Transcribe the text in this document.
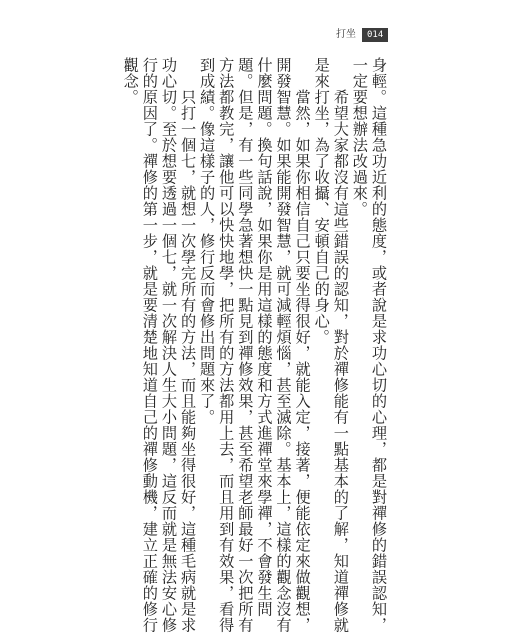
打坐	014
身輕。這種急功近利的態度，或者說是求功心切的心理，都是對禪修的錯誤認知，
一定要想辦法改過來。
　　希望大家都沒有這些錯誤的認知，對於禪修能有一點基本的了解，知道禪修就
是來打坐，為了收攝、安頓自己的身心。
　　當然，如果你相信自己只要坐得很好，就能入定，接著，便能依定來做觀想，
開發智慧。如果能開發智慧，就可減輕煩惱，甚至滅除。基本上，這樣的觀念沒有
什麼問題。換句話說，如果你是用這樣的態度和方式進禪堂來學禪，不會發生問
題。但是，有一些同學急著想快一點見到禪修效果，甚至希望老師最好一次把所有
方法都教完，讓他可以快快地學，把所有的方法都用上去，而且用到有效果，看得
到成績。像這樣子的人，修行反而會修出問題來了。
　　只打一個七，就想一次學完所有的方法，而且能夠坐得很好，這種毛病就是求
功心切。至於想要透過一個七，就一次解決人生大小問題，這反而就是無法安心修
行的原因了。禪修的第一步，就是要清楚地知道自己的禪修動機，建立正確的修行
觀念。
